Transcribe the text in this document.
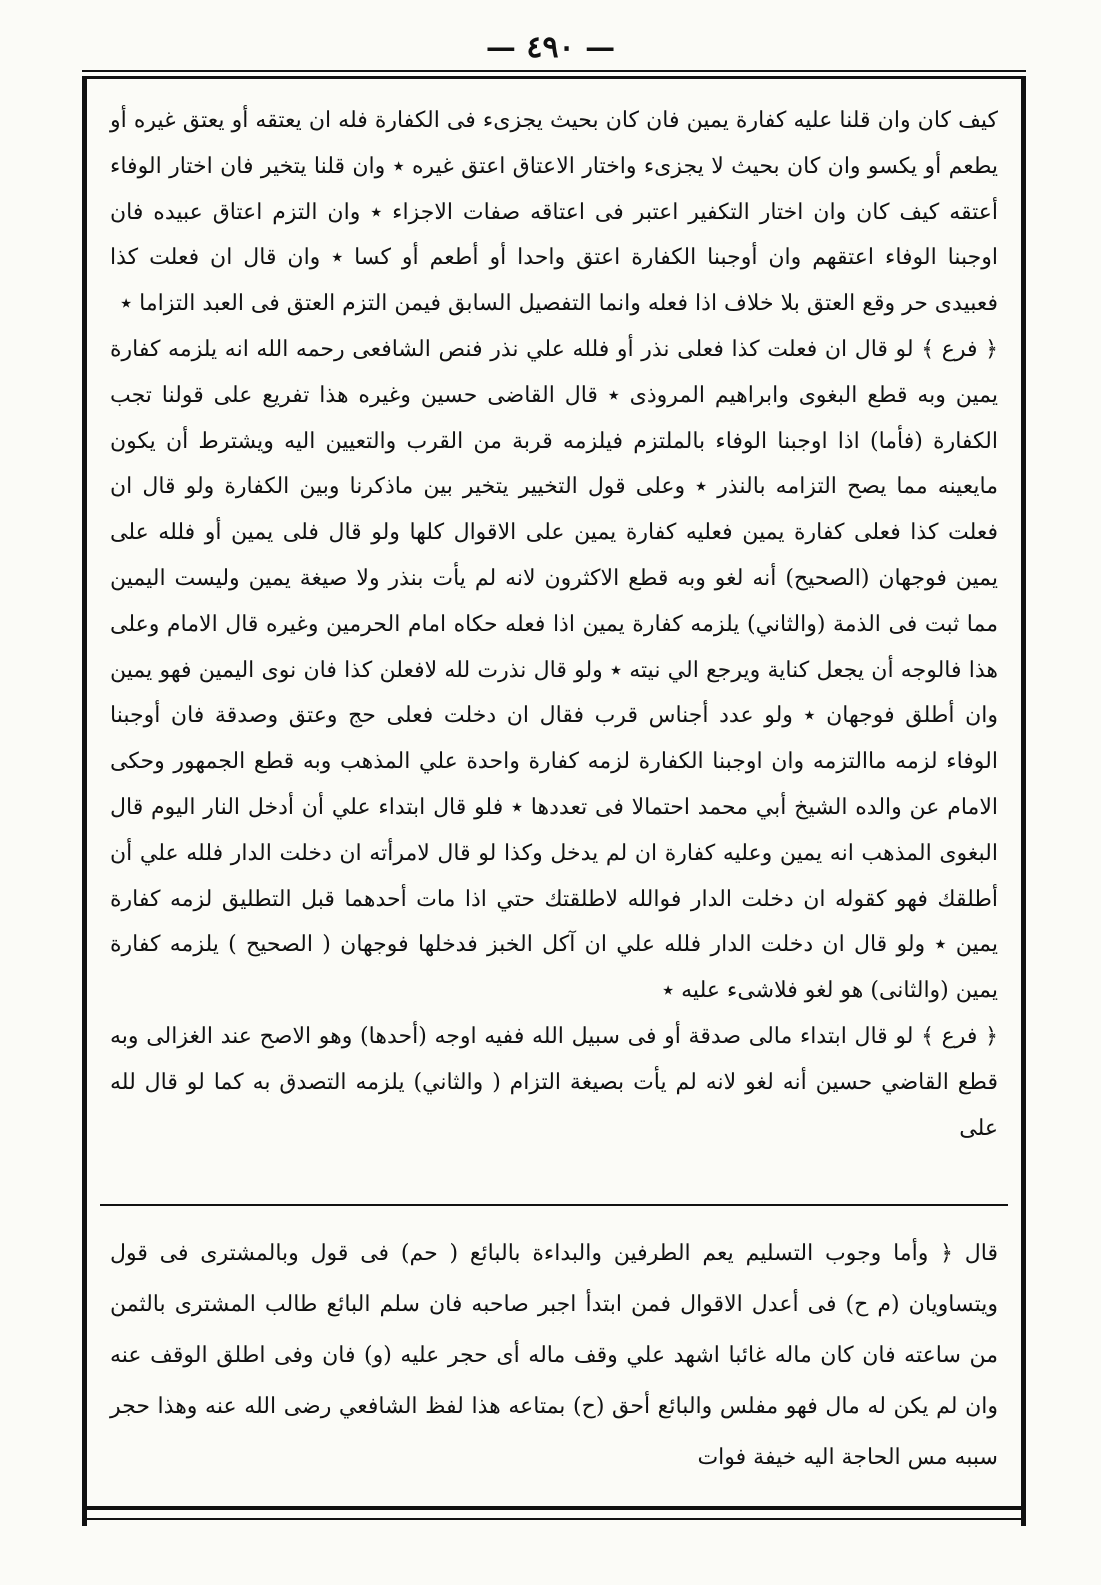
— ٤٩٠ —

كيف كان وان قلنا عليه كفارة يمين فان كان بحيث يجزىء فى الكفارة فله ان يعتقه أو يعتق غيره أو يطعم أو يكسو وان كان بحيث لا يجزىء واختار الاعتاق اعتق غيره ٭ وان قلنا يتخير فان اختار الوفاء أعتقه كيف كان وان اختار التكفير اعتبر فى اعتاقه صفات الاجزاء ٭ وان التزم اعتاق عبيده فان اوجبنا الوفاء اعتقهم وان أوجبنا الكفارة اعتق واحدا أو أطعم أو كسا ٭ وان قال ان فعلت كذا فعبيدى حر وقع العتق بلا خلاف اذا فعله وانما التفصيل السابق فيمن التزم العتق فى العبد التزاما ٭

﴿ فرع ﴾ لو قال ان فعلت كذا فعلى نذر أو فلله علي نذر فنص الشافعى رحمه الله انه يلزمه كفارة يمين وبه قطع البغوى وابراهيم المروذى ٭ قال القاضى حسين وغيره هذا تفريع على قولنا تجب الكفارة (فأما) اذا اوجبنا الوفاء بالملتزم فيلزمه قربة من القرب والتعيين اليه ويشترط أن يكون مايعينه مما يصح التزامه بالنذر ٭ وعلى قول التخيير يتخير بين ماذكرنا وبين الكفارة ولو قال ان فعلت كذا فعلى كفارة يمين فعليه كفارة يمين على الاقوال كلها ولو قال فلى يمين أو فلله على يمين فوجهان (الصحيح) أنه لغو وبه قطع الاكثرون لانه لم يأت بنذر ولا صيغة يمين وليست اليمين مما ثبت فى الذمة (والثاني) يلزمه كفارة يمين اذا فعله حكاه امام الحرمين وغيره قال الامام وعلى هذا فالوجه أن يجعل كناية ويرجع الي نيته ٭ ولو قال نذرت لله لافعلن كذا فان نوى اليمين فهو يمين وان أطلق فوجهان ٭ ولو عدد أجناس قرب فقال ان دخلت فعلى حج وعتق وصدقة فان أوجبنا الوفاء لزمه ماالتزمه وان اوجبنا الكفارة لزمه كفارة واحدة علي المذهب وبه قطع الجمهور وحكى الامام عن والده الشيخ أبي محمد احتمالا فى تعددها ٭ فلو قال ابتداء علي أن أدخل النار اليوم قال البغوى المذهب انه يمين وعليه كفارة ان لم يدخل وكذا لو قال لامرأته ان دخلت الدار فلله علي أن أطلقك فهو كقوله ان دخلت الدار فوالله لاطلقتك حتي اذا مات أحدهما قبل التطليق لزمه كفارة يمين ٭ ولو قال ان دخلت الدار فلله علي ان آكل الخبز فدخلها فوجهان ( الصحيح ) يلزمه كفارة يمين (والثانى) هو لغو فلاشىء عليه ٭

﴿ فرع ﴾ لو قال ابتداء مالى صدقة أو فى سبيل الله ففيه اوجه (أحدها) وهو الاصح عند الغزالى وبه قطع القاضي حسين أنه لغو لانه لم يأت بصيغة التزام ( والثاني) يلزمه التصدق به كما لو قال لله على

قال ﴿ وأما وجوب التسليم يعم الطرفين والبداءة بالبائع ( حم) فى قول وبالمشترى فى قول ويتساويان (م ح) فى أعدل الاقوال فمن ابتدأ اجبر صاحبه فان سلم البائع طالب المشترى بالثمن من ساعته فان كان ماله غائبا اشهد علي وقف ماله أى حجر عليه (و) فان وفى اطلق الوقف عنه وان لم يكن له مال فهو مفلس والبائع أحق (ح) بمتاعه هذا لفظ الشافعي رضى الله عنه وهذا حجر سببه مس الحاجة اليه خيفة فوات
